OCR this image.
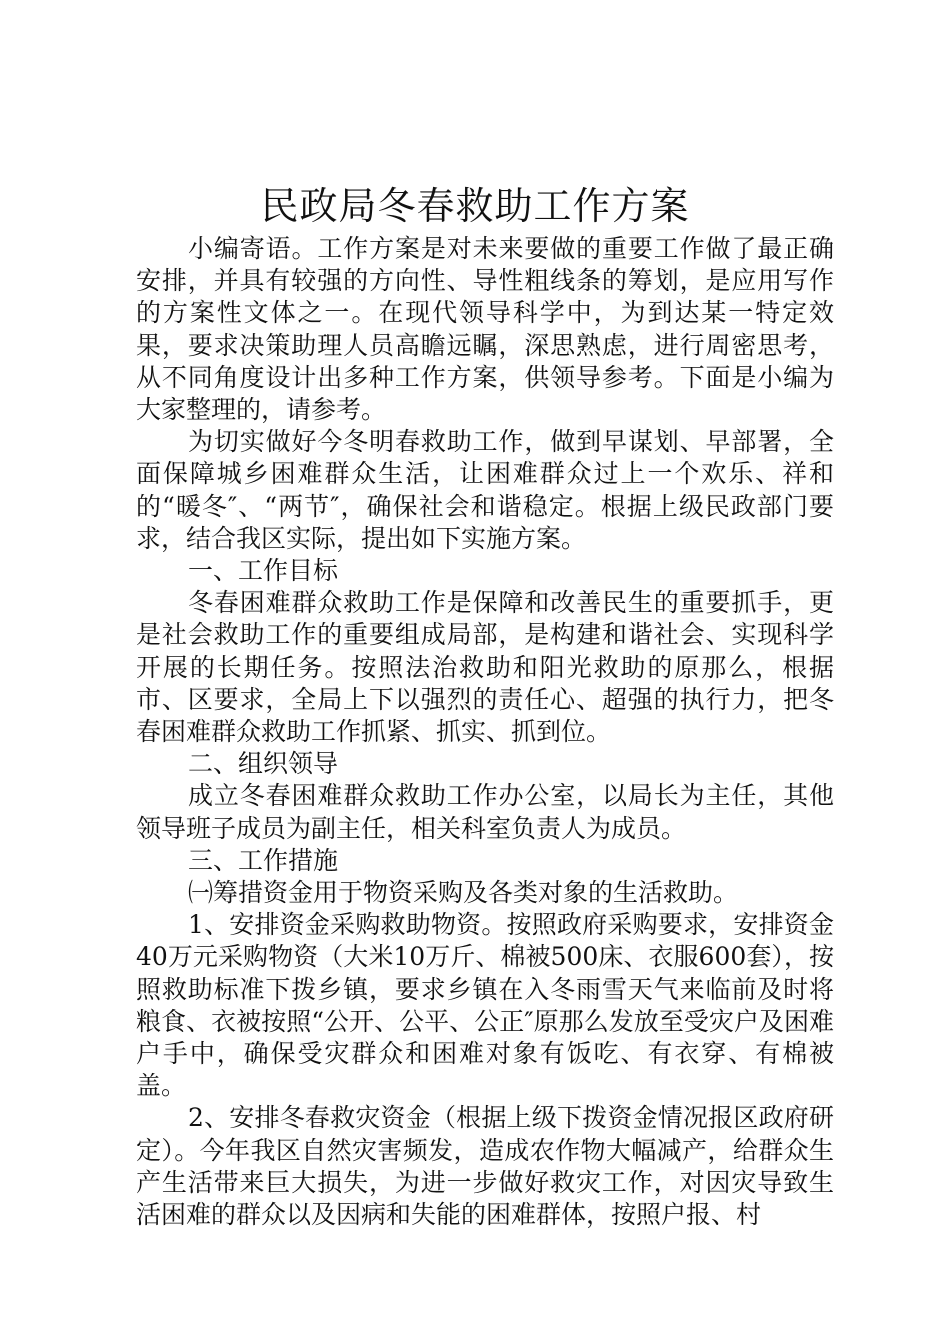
民政局冬春救助工作方案

小编寄语。工作方案是对未来要做的重要工作做了最正确安排，并具有较强的方向性、导性粗线条的筹划，是应用写作的方案性文体之一。在现代领导科学中，为到达某一特定效果，要求决策助理人员高瞻远瞩，深思熟虑，进行周密思考，从不同角度设计出多种工作方案，供领导参考。下面是小编为大家整理的，请参考。

为切实做好今冬明春救助工作，做到早谋划、早部署，全面保障城乡困难群众生活，让困难群众过上一个欢乐、祥和的“暖冬″、“两节″，确保社会和谐稳定。根据上级民政部门要求，结合我区实际，提出如下实施方案。

一、工作目标

冬春困难群众救助工作是保障和改善民生的重要抓手，更是社会救助工作的重要组成局部，是构建和谐社会、实现科学开展的长期任务。按照法治救助和阳光救助的原那么，根据市、区要求，全局上下以强烈的责任心、超强的执行力，把冬春困难群众救助工作抓紧、抓实、抓到位。

二、组织领导

成立冬春困难群众救助工作办公室，以局长为主任，其他领导班子成员为副主任，相关科室负责人为成员。

三、工作措施

㈠筹措资金用于物资采购及各类对象的生活救助。

1、安排资金采购救助物资。按照政府采购要求，安排资金40万元采购物资（大米10万斤、棉被500床、衣服600套），按照救助标准下拨乡镇，要求乡镇在入冬雨雪天气来临前及时将粮食、衣被按照“公开、公平、公正″原那么发放至受灾户及困难户手中，确保受灾群众和困难对象有饭吃、有衣穿、有棉被盖。

2、安排冬春救灾资金（根据上级下拨资金情况报区政府研定）。今年我区自然灾害频发，造成农作物大幅减产，给群众生产生活带来巨大损失，为进一步做好救灾工作，对因灾导致生活困难的群众以及因病和失能的困难群体，按照户报、村
